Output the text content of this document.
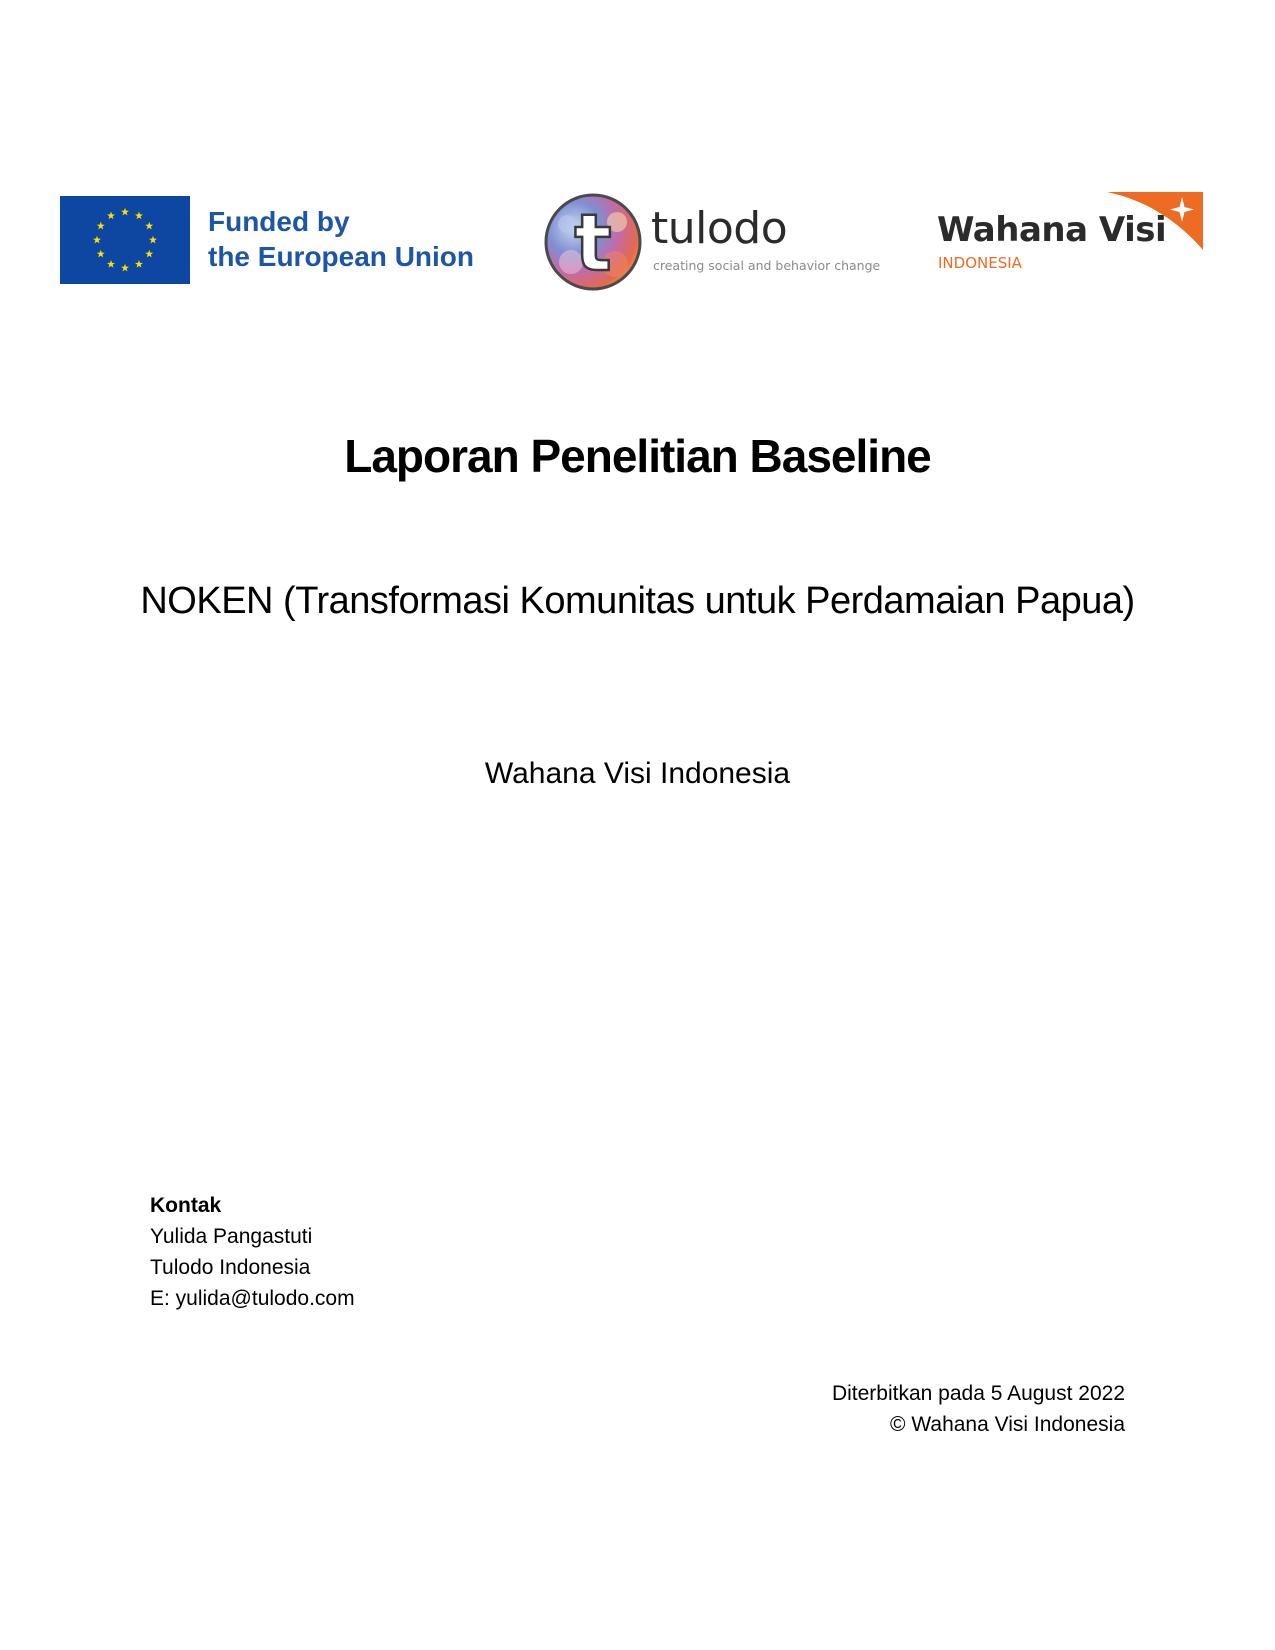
Funded by
the European Union t tulodo
creating social and behavior change
Wahana Visi
INDONESIA
Laporan Penelitian Baseline
NOKEN (Transformasi Komunitas untuk Perdamaian Papua)

Wahana Visi Indonesia

Kontak
Yulida Pangastuti
Tulodo Indonesia
E: yulida@tulodo.com
Diterbitkan pada 5 August 2022
© Wahana Visi Indonesia
